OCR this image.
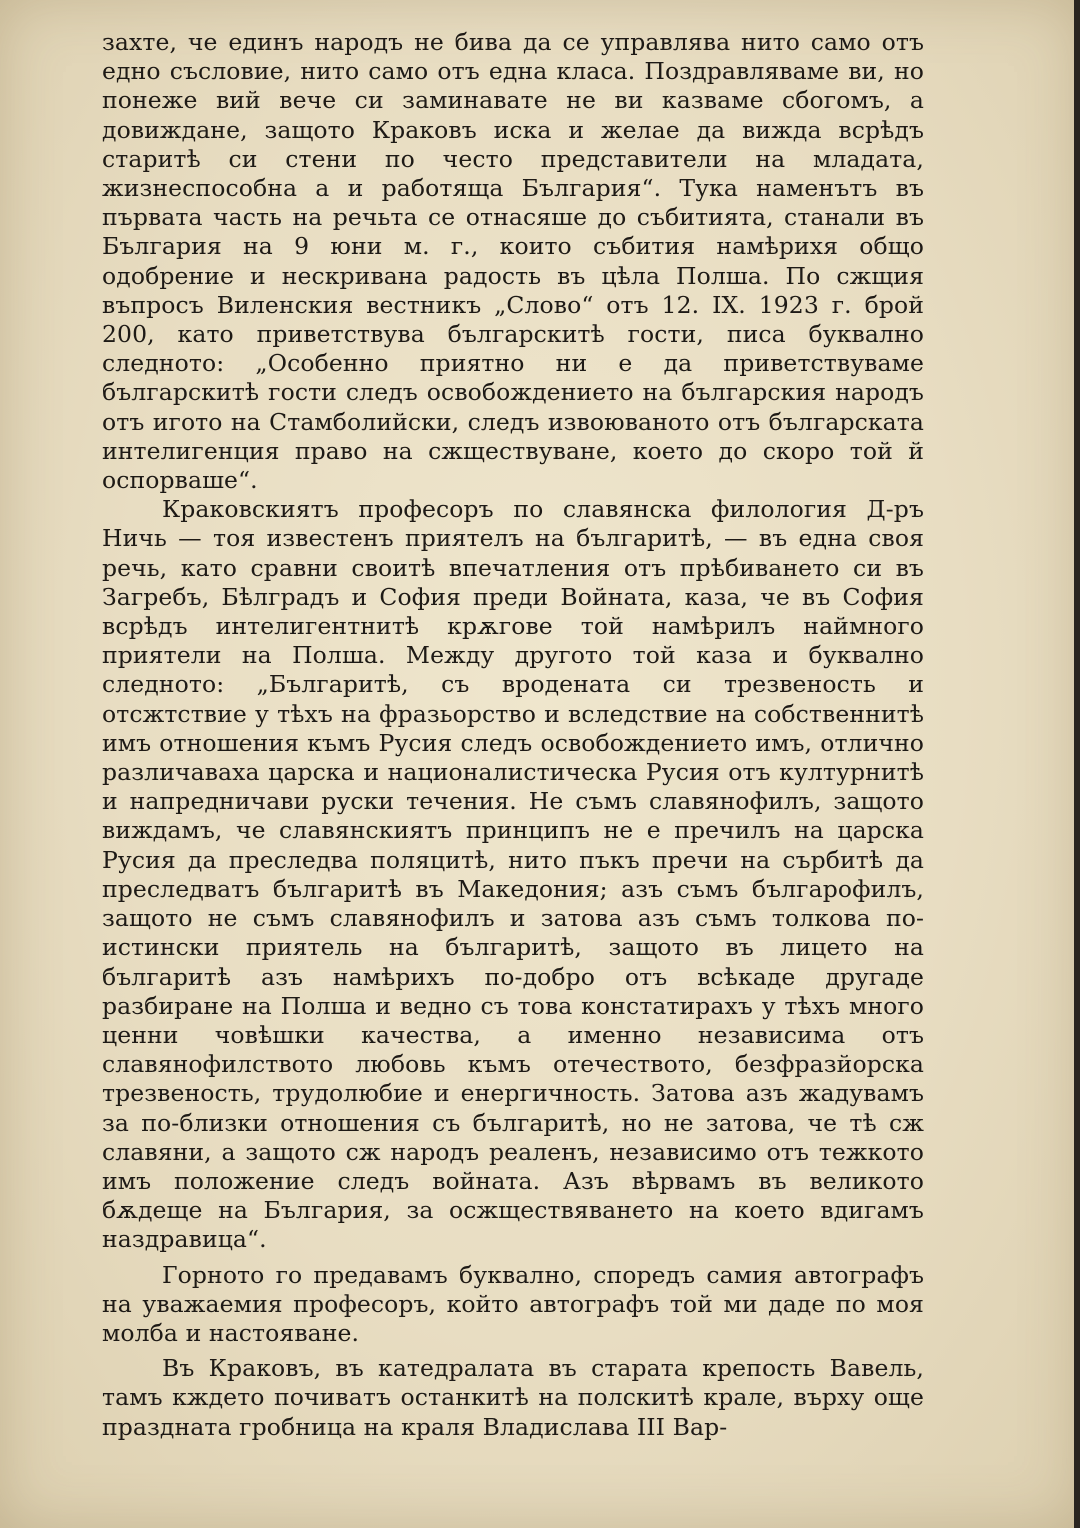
захте, че единъ народъ не бива да се управлява нито само отъ едно съсловие, нито само отъ една класа. Поздравляваме ви, но понеже вий вече си заминавате не ви казваме сбогомъ, а довиждане, защото Краковъ иска и желае да вижда всрѣдъ старитѣ си стени по често представители на младата, жизнеспособна а и работяща България“. Тука наменътъ въ първата часть на речьта се отнасяше до събитията, станали въ България на 9 юни м. г., които събития намѣрихя общо одобрение и нескривана радость въ цѣла Полша. По сжщия въпросъ Виленския вестникъ „Слово“ отъ 12. IX. 1923 г. брой 200, като приветствува българскитѣ гости, писа буквално следното: „Особенно приятно ни е да приветствуваме българскитѣ гости следъ освобождението на българския народъ отъ игото на Стамболийски, следъ извоюваното отъ българската интелигенция право на сжществуване, което до скоро той й оспорваше“.

Краковскиятъ професоръ по славянска филология Д-ръ Ничь — тоя известенъ приятелъ на българитѣ, — въ една своя речь, като сравни своитѣ впечатления отъ прѣбиването си въ Загребъ, Бѣлградъ и София преди Войната, каза, че въ София всрѣдъ интелигентнитѣ крѫгове той намѣрилъ наймного приятели на Полша. Между другото той каза и буквално следното: „Българитѣ, съ вродената си трезвеность и отсжтствие у тѣхъ на фразьорство и вследствие на собственнитѣ имъ отношения къмъ Русия следъ освобождението имъ, отлично различаваха царска и националистическа Русия отъ културнитѣ и напредничави руски течения. Не съмъ славянофилъ, защото виждамъ, че славянскиятъ принципъ не е пречилъ на царска Русия да преследва поляцитѣ, нито пъкъ пречи на сърбитѣ да преследватъ българитѣ въ Македония; азъ съмъ българофилъ, защото не съмъ славянофилъ и затова азъ съмъ толкова по-истински приятель на българитѣ, защото въ лицето на българитѣ азъ намѣрихъ по-добро отъ всѣкаде другаде разбиране на Полша и ведно съ това констатирахъ у тѣхъ много ценни човѣшки качества, а именно независима отъ славянофилството любовь къмъ отечеството, безфразйорска трезвеность, трудолюбие и енергичность. Затова азъ жадувамъ за по-близки отношения съ българитѣ, но не затова, че тѣ сж славяни, а защото сж народъ реаленъ, независимо отъ тежкото имъ положение следъ войната. Азъ вѣрвамъ въ великото бѫдеще на България, за осжществяването на което вдигамъ наздравица“.

Горното го предавамъ буквално, споредъ самия автографъ на уважаемия професоръ, който автографъ той ми даде по моя молба и настояване.

Въ Краковъ, въ катедралата въ старата крепость Вавель, тамъ кждето почиватъ останкитѣ на полскитѣ крале, върху още празднатa гробница на краля Владислава III Вар-
